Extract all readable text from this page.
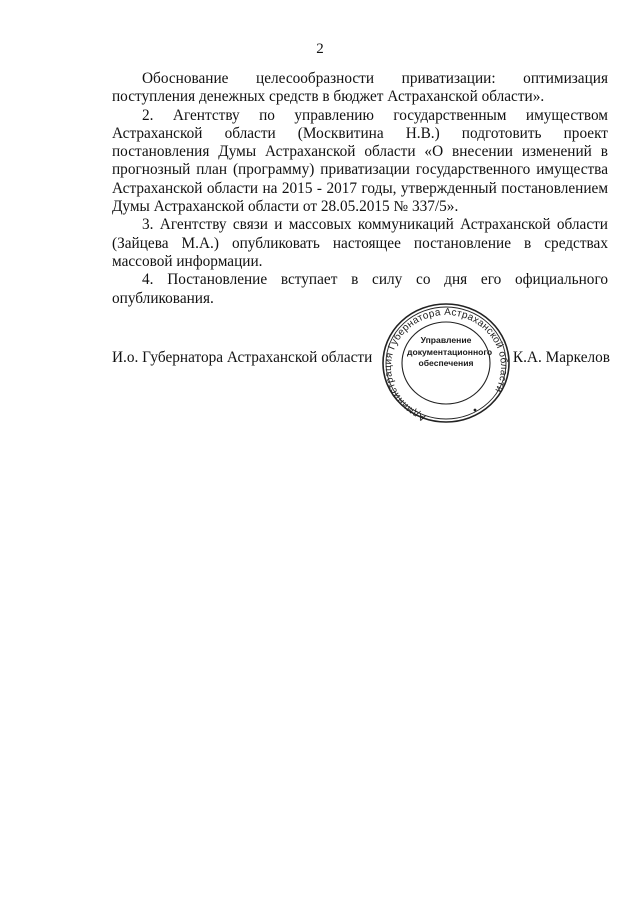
2

Обоснование целесообразности приватизации: оптимизация поступления денежных средств в бюджет Астраханской области».

2. Агентству по управлению государственным имуществом Астраханской области (Москвитина Н.В.) подготовить проект постановления Думы Астраханской области «О внесении изменений в прогнозный план (программу) приватизации государственного имущества Астраханской области на 2015 - 2017 годы, утвержденный постановлением Думы Астраханской области от 28.05.2015 № 337/5».

3. Агентству связи и массовых коммуникаций Астраханской области (Зайцева М.А.) опубликовать настоящее постановление в средствах массовой информации.

4. Постановление вступает в силу со дня его официального опубликования.

И.о. Губернатора Астраханской области	К.А. Маркелов
Администрация Губернатора Астраханской области
Управление
документационного
обеспечения
